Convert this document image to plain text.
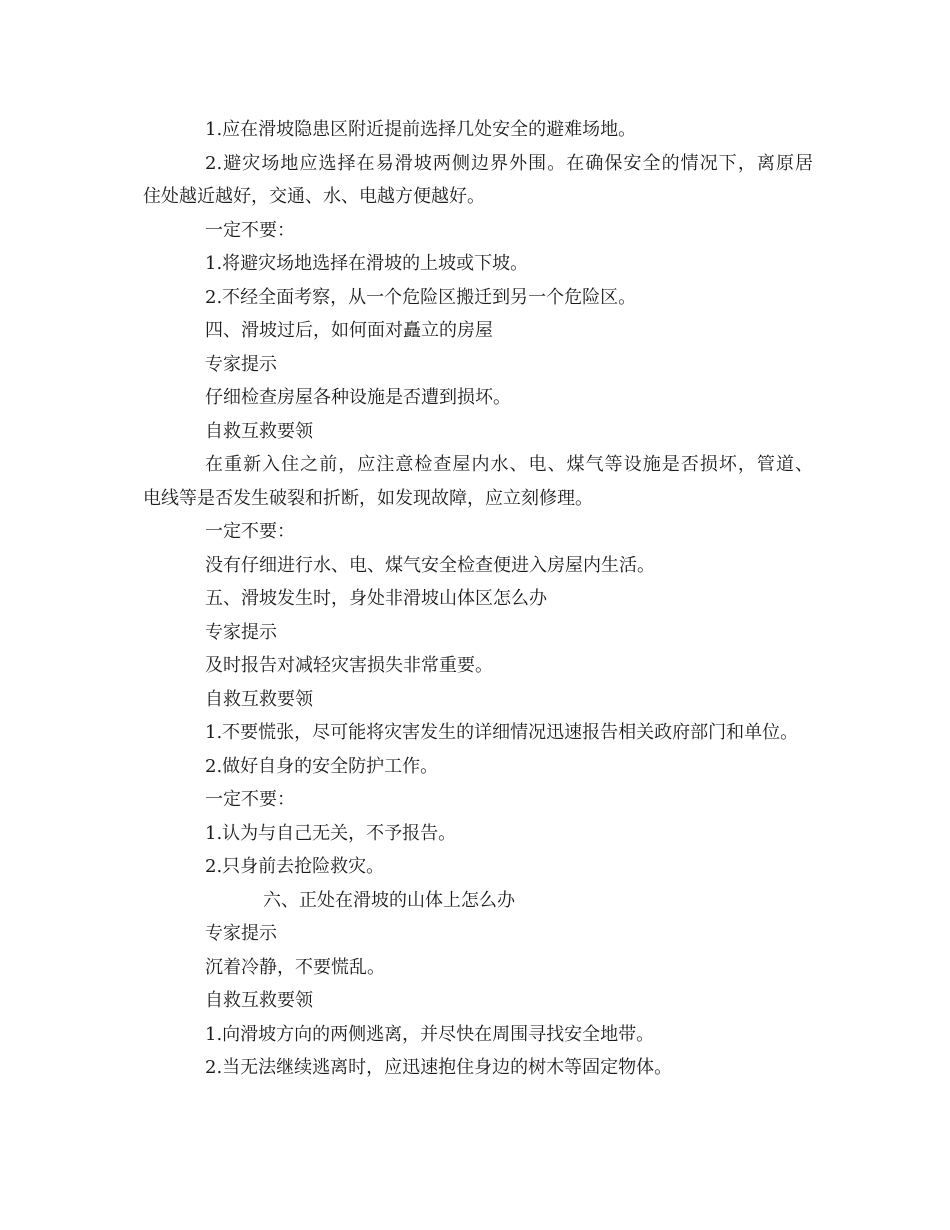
1.应在滑坡隐患区附近提前选择几处安全的避难场地。
2.避灾场地应选择在易滑坡两侧边界外围。在确保安全的情况下，离原居
住处越近越好，交通、水、电越方便越好。
一定不要：
1.将避灾场地选择在滑坡的上坡或下坡。
2.不经全面考察，从一个危险区搬迁到另一个危险区。
四、滑坡过后，如何面对矗立的房屋
专家提示
仔细检查房屋各种设施是否遭到损坏。
自救互救要领
在重新入住之前，应注意检查屋内水、电、煤气等设施是否损坏，管道、
电线等是否发生破裂和折断，如发现故障，应立刻修理。
一定不要：
没有仔细进行水、电、煤气安全检查便进入房屋内生活。
五、滑坡发生时，身处非滑坡山体区怎么办
专家提示
及时报告对减轻灾害损失非常重要。
自救互救要领
1.不要慌张，尽可能将灾害发生的详细情况迅速报告相关政府部门和单位。
2.做好自身的安全防护工作。
一定不要：
1.认为与自己无关，不予报告。
2.只身前去抢险救灾。
六、正处在滑坡的山体上怎么办
专家提示
沉着冷静，不要慌乱。
自救互救要领
1.向滑坡方向的两侧逃离，并尽快在周围寻找安全地带。
2.当无法继续逃离时，应迅速抱住身边的树木等固定物体。
